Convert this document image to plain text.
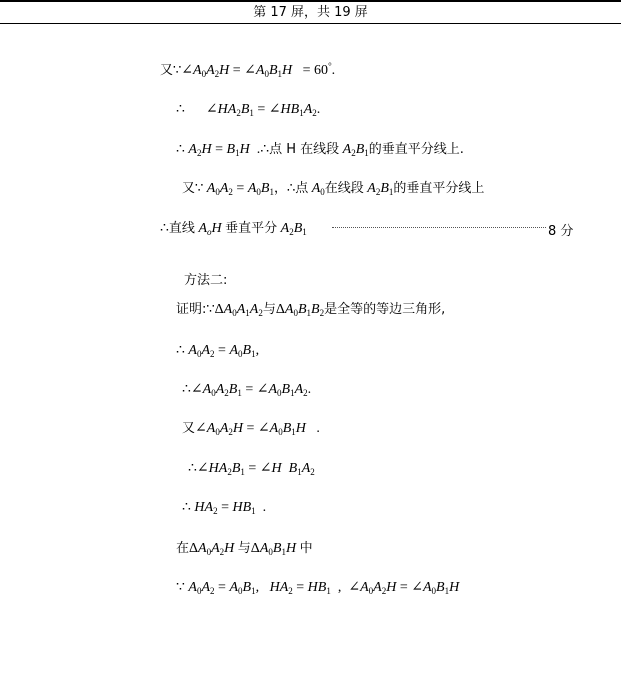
第 17 屏，共 19 屏
又$\because\angle A_0A_2H$ = $\angle A_0B_1H = 60^\circ$.
∴      $\angle HA_2B_1$ = $\angle HB_1A_2$.
∴ $A_2H = B_1H$  .∴点 H 在线段 $A_2B_1$的垂直平分线上.
又∵ $A_0A_2 = A_0B_1$，∴点 $A_0$在线段 $A_2B_1$的垂直平分线上
∴直线 $A_oH$ 垂直平分 $A_2B_1$	8 分
方法二:
证明$:\because\Delta A_0A_1A_2$与$\Delta A_0B_1B_2$是全等的等边三角形,
∴ $A_0A_2 = A_0B_1$,
$\therefore\angle A_0A_2B_1$ = $\angle A_0B_1A_2$.
又$\angle A_0A_2H$ = $\angle A_0B_1H$   .
$\therefore\angle HA_2B_1$ = ∠H $B_1A_2$
∴ $HA_2 = HB_1$  .
在$\Delta A_0A_2H$ 与$\Delta A_0B_1H$ 中
∵ $A_0A_2 = A_0B_1$,   $HA_2 = HB_1$  ,  $\angle A_0A_2H$ = $\angle A_0B_1H$
